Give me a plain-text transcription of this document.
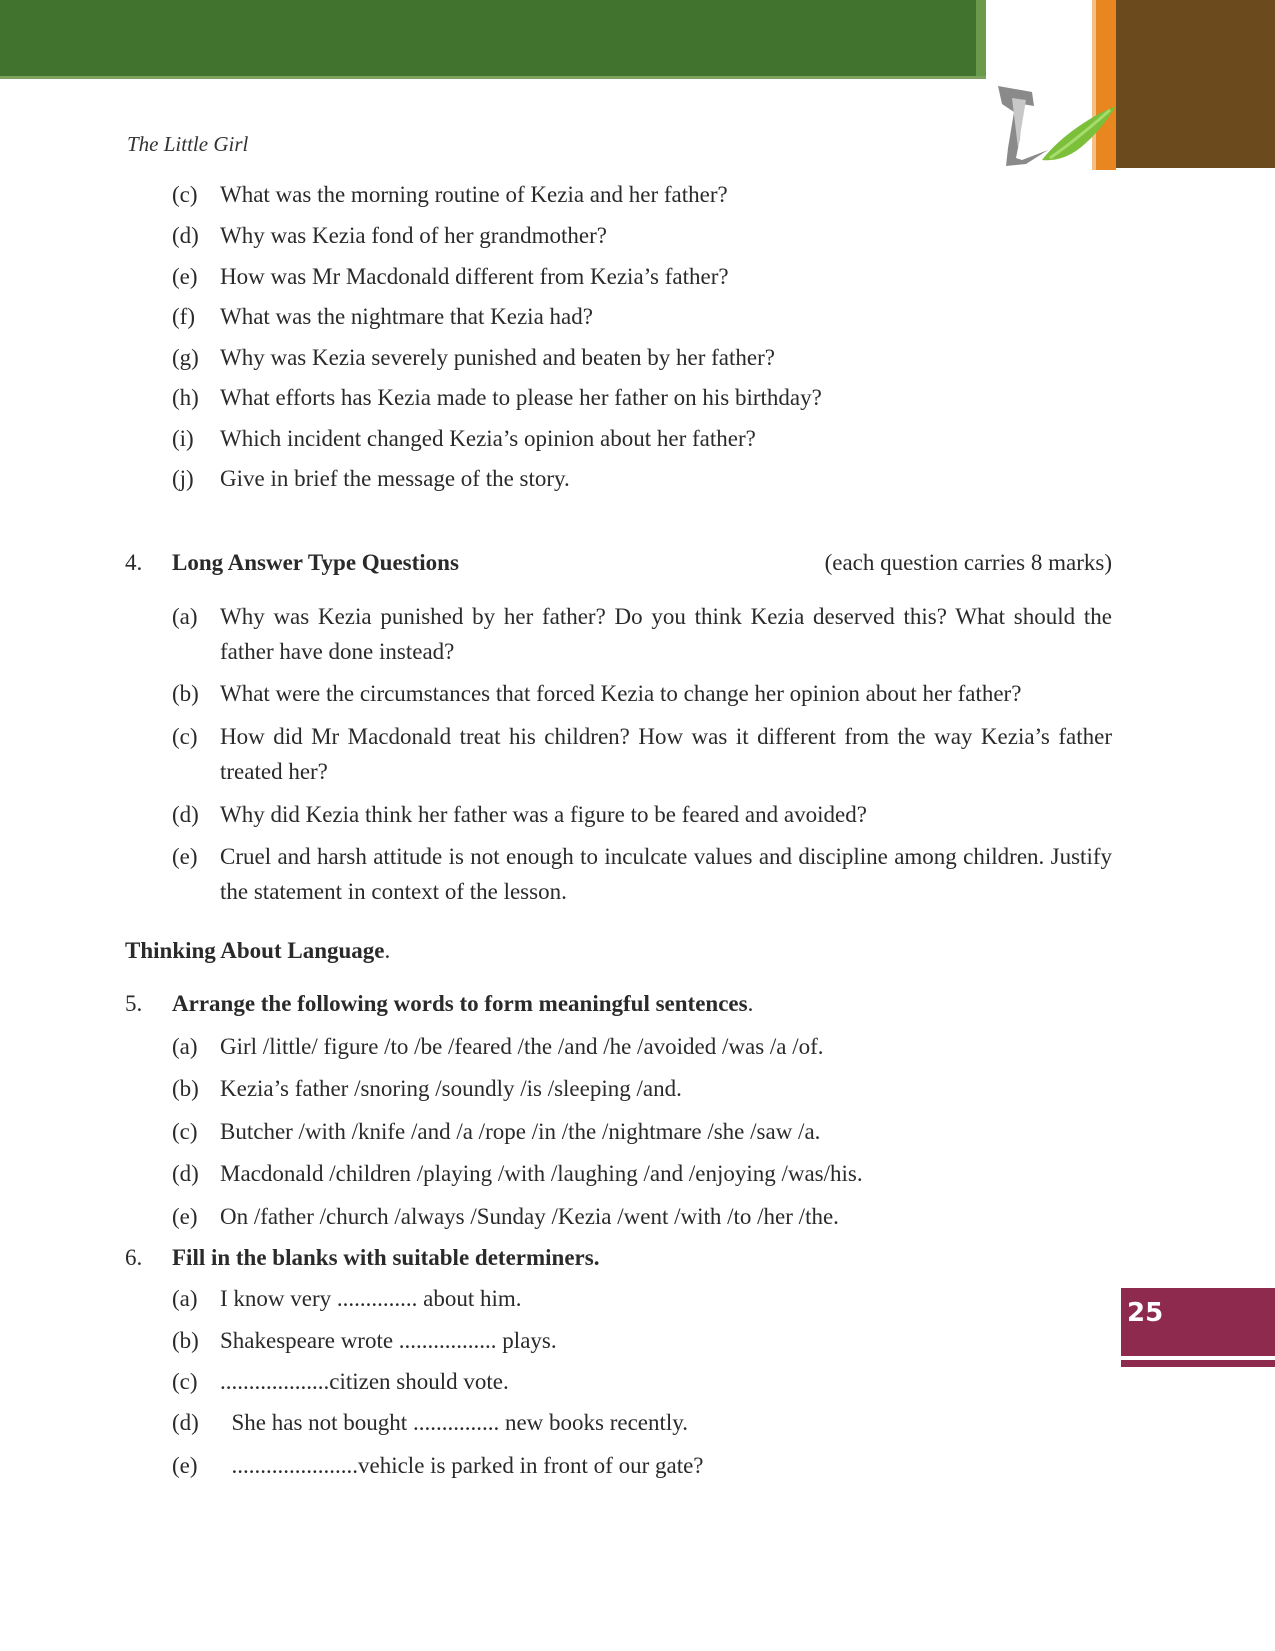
The Little Girl
(c) What was the morning routine of Kezia and her father?
(d) Why was Kezia fond of her grandmother?
(e) How was Mr Macdonald different from Kezia’s father?
(f)	What was the nightmare that Kezia had?
(g) Why was Kezia severely punished and beaten by her father?
(h) What efforts has Kezia made to please her father on his birthday?
(i)	Which incident changed Kezia’s opinion about her father?
(j)	Give in brief the message of the story.
4. Long Answer Type Questions	(each question carries 8 marks)
(a) Why was Kezia punished by her father? Do you think Kezia deserved this? What should the father have done instead?
(b) What were the circumstances that forced Kezia to change her opinion about her father?
(c) How did Mr Macdonald treat his children? How was it different from the way Kezia’s father treated her?
(d) Why did Kezia think her father was a figure to be feared and avoided?
(e) Cruel and harsh attitude is not enough to inculcate values and discipline among children. Justify the statement in context of the lesson.
Thinking About Language.
5. Arrange the following words to form meaningful sentences.
(a) Girl /little/ figure /to /be /feared /the /and /he /avoided /was /a /of.
(b) Kezia’s father /snoring /soundly /is /sleeping /and.
(c) Butcher /with /knife /and /a /rope /in /the /nightmare /she /saw /a.
(d) Macdonald /children /playing /with /laughing /and /enjoying /was/his.
(e) On /father /church /always /Sunday /Kezia /went /with /to /her /the.
6. Fill in the blanks with suitable determiners.
(a) I know very .............. about him.
(b) Shakespeare wrote ................. plays.
(c) ...................citizen should vote.
(d) She has not bought ............... new books recently.
(e) ......................vehicle is parked in front of our gate?
25
